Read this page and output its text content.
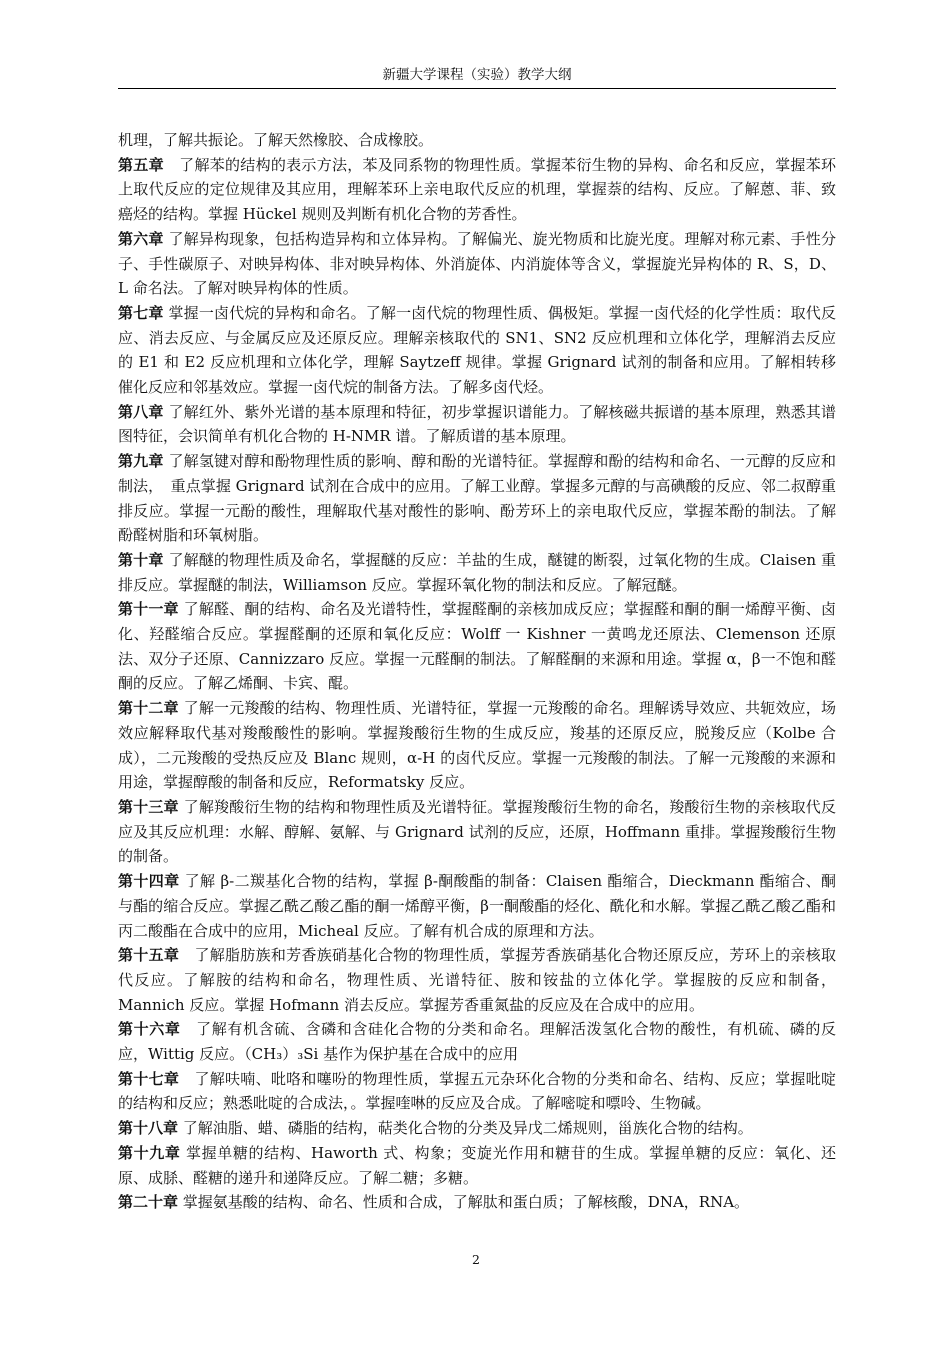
新疆大学课程（实验）教学大纲

机理，了解共振论。了解天然橡胶、合成橡胶。

第五章　 了解苯的结构的表示方法，苯及同系物的物理性质。掌握苯衍生物的异构、命名和反应，掌握苯环上取代反应的定位规律及其应用，理解苯环上亲电取代反应的机理，掌握萘的结构、反应。了解蒽、菲、致癌烃的结构。掌握 Hückel 规则及判断有机化合物的芳香性。

第六章 了解异构现象，包括构造异构和立体异构。了解偏光、旋光物质和比旋光度。理解对称元素、手性分子、手性碳原子、对映异构体、非对映异构体、外消旋体、内消旋体等含义，掌握旋光异构体的 R、S，D、L 命名法。了解对映异构体的性质。

第七章 掌握一卤代烷的异构和命名。了解一卤代烷的物理性质、偶极矩。掌握一卤代烃的化学性质：取代反应、消去反应、与金属反应及还原反应。理解亲核取代的 SN1、SN2 反应机理和立体化学，理解消去反应的 E1 和 E2 反应机理和立体化学，理解 Saytzeff 规律。掌握 Grignard 试剂的制备和应用。了解相转移催化反应和邻基效应。掌握一卤代烷的制备方法。了解多卤代烃。

第八章 了解红外、紫外光谱的基本原理和特征，初步掌握识谱能力。了解核磁共振谱的基本原理，熟悉其谱图特征，会识简单有机化合物的 H-NMR 谱。了解质谱的基本原理。

第九章 了解氢键对醇和酚物理性质的影响、醇和酚的光谱特征。掌握醇和酚的结构和命名、一元醇的反应和制法，　重点掌握 Grignard 试剂在合成中的应用。了解工业醇。掌握多元醇的与高碘酸的反应、邻二叔醇重排反应。掌握一元酚的酸性，理解取代基对酸性的影响、酚芳环上的亲电取代反应，掌握苯酚的制法。了解酚醛树脂和环氧树脂。

第十章 了解醚的物理性质及命名，掌握醚的反应：羊盐的生成，醚键的断裂，过氧化物的生成。Claisen 重排反应。掌握醚的制法，Williamson 反应。掌握环氧化物的制法和反应。了解冠醚。

第十一章 了解醛、酮的结构、命名及光谱特性，掌握醛酮的亲核加成反应；掌握醛和酮的酮一烯醇平衡、卤化、羟醛缩合反应。掌握醛酮的还原和氧化反应：Wolff 一 Kishner 一黄鸣龙还原法、Clemenson 还原法、双分子还原、Cannizzaro 反应。掌握一元醛酮的制法。了解醛酮的来源和用途。掌握 α，β一不饱和醛酮的反应。了解乙烯酮、卡宾、醌。

第十二章 了解一元羧酸的结构、物理性质、光谱特征，掌握一元羧酸的命名。理解诱导效应、共轭效应，场效应解释取代基对羧酸酸性的影响。掌握羧酸衍生物的生成反应，羧基的还原反应，脱羧反应（Kolbe 合成），二元羧酸的受热反应及 Blanc 规则，α-H 的卤代反应。掌握一元羧酸的制法。了解一元羧酸的来源和用途，掌握醇酸的制备和反应，Reformatsky 反应。

第十三章 了解羧酸衍生物的结构和物理性质及光谱特征。掌握羧酸衍生物的命名，羧酸衍生物的亲核取代反应及其反应机理：水解、醇解、氨解、与 Grignard 试剂的反应，还原，Hoffmann 重排。掌握羧酸衍生物的制备。

第十四章 了解 β-二羰基化合物的结构，掌握 β-酮酸酯的制备：Claisen 酯缩合，Dieckmann 酯缩合、酮与酯的缩合反应。掌握乙酰乙酸乙酯的酮一烯醇平衡，β一酮酸酯的烃化、酰化和水解。掌握乙酰乙酸乙酯和丙二酸酯在合成中的应用，Micheal 反应。了解有机合成的原理和方法。

第十五章　 了解脂肪族和芳香族硝基化合物的物理性质，掌握芳香族硝基化合物还原反应，芳环上的亲核取代反应。了解胺的结构和命名，物理性质、光谱特征、胺和铵盐的立体化学。掌握胺的反应和制备，Mannich 反应。掌握 Hofmann 消去反应。掌握芳香重氮盐的反应及在合成中的应用。

第十六章　 了解有机含硫、含磷和含硅化合物的分类和命名。理解活泼氢化合物的酸性，有机硫、磷的反应，Wittig 反应。（CH₃）₃Si 基作为保护基在合成中的应用

第十七章　 了解呋喃、吡咯和噻吩的物理性质，掌握五元杂环化合物的分类和命名、结构、反应；掌握吡啶的结构和反应；熟悉吡啶的合成法，。掌握喹啉的反应及合成。了解嘧啶和嘌呤、生物碱。

第十八章 了解油脂、蜡、磷脂的结构，萜类化合物的分类及异戊二烯规则，甾族化合物的结构。

第十九章 掌握单糖的结构、Haworth 式、构象；变旋光作用和糖苷的生成。掌握单糖的反应：氧化、还原、成脎、醛糖的递升和递降反应。了解二糖；多糖。

第二十章 掌握氨基酸的结构、命名、性质和合成，了解肽和蛋白质；了解核酸，DNA，RNA。

2
